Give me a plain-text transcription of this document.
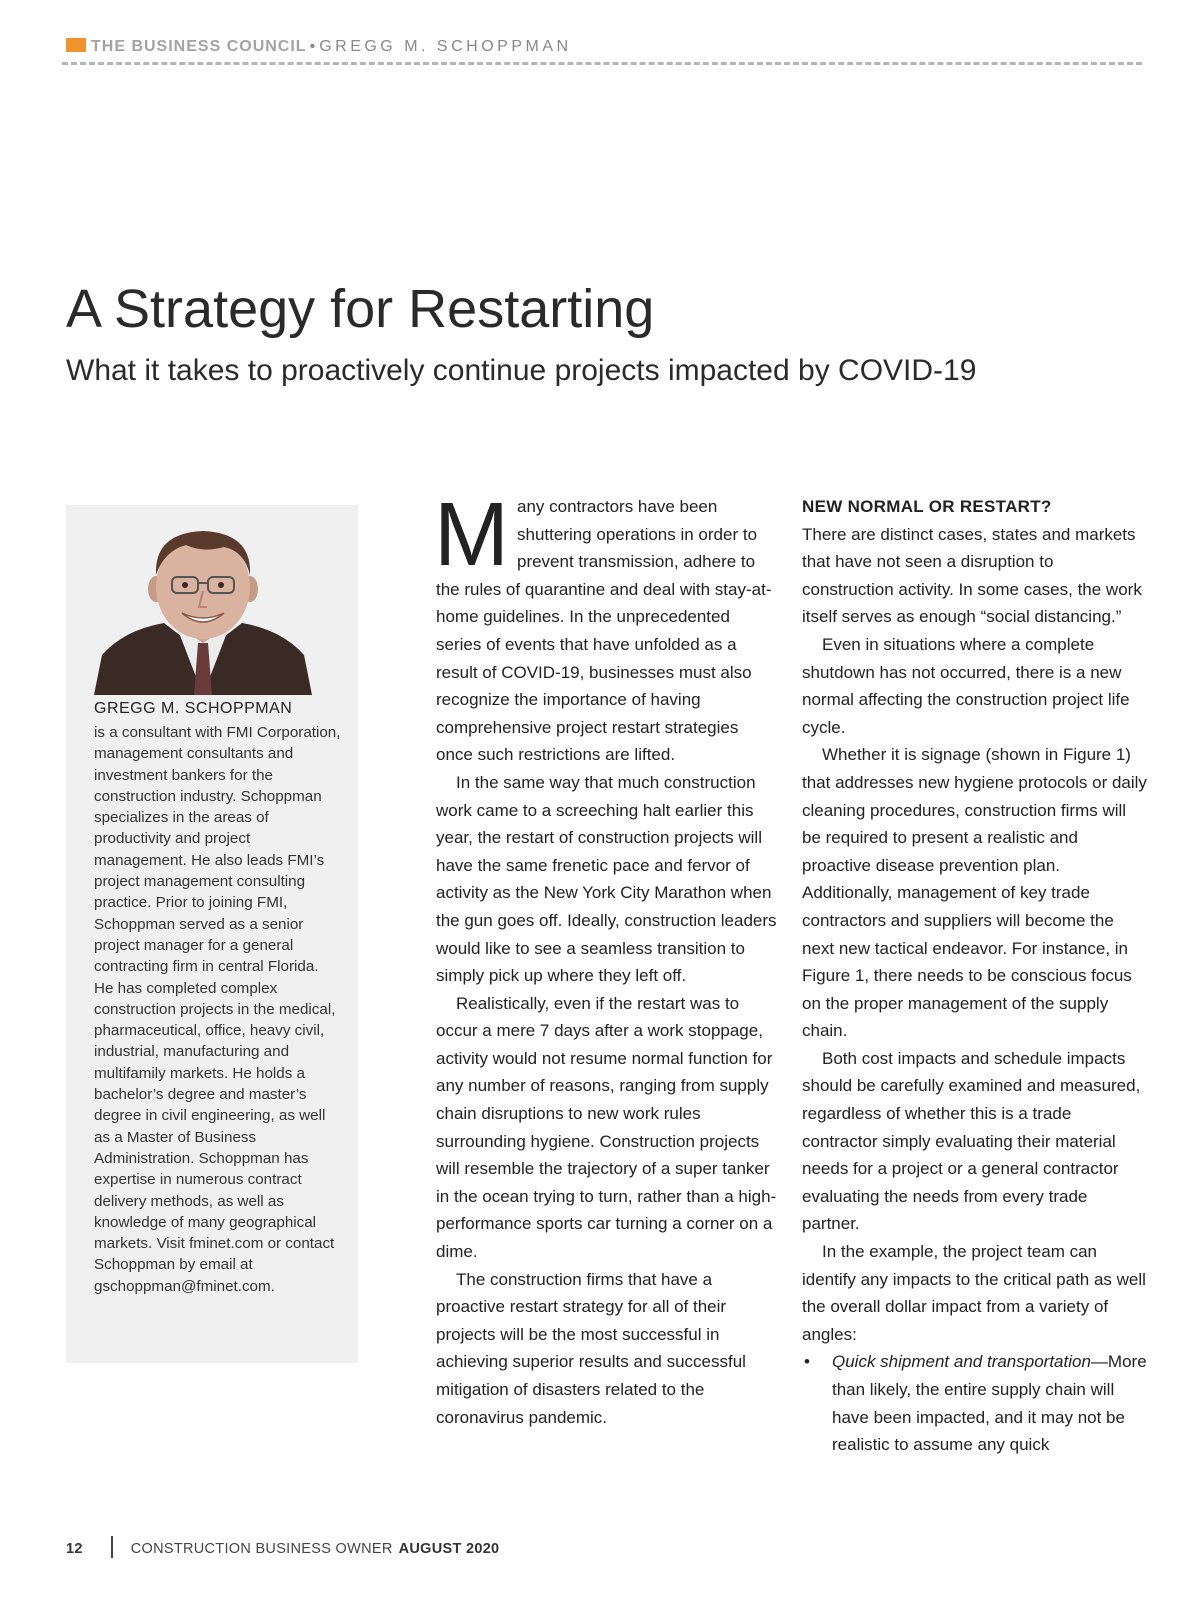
THE BUSINESS COUNCIL • GREGG M. SCHOPPMAN
A Strategy for Restarting
What it takes to proactively continue projects impacted by COVID-19
GREGG M. SCHOPPMAN
is a consultant with FMI Corporation, management consultants and investment bankers for the construction industry. Schoppman specializes in the areas of productivity and project management. He also leads FMI’s project management consulting practice. Prior to joining FMI, Schoppman served as a senior project manager for a general contracting firm in central Florida. He has completed complex construction projects in the medical, pharmaceutical, office, heavy civil, industrial, manufacturing and multifamily markets. He holds a bachelor’s degree and master’s degree in civil engineering, as well as a Master of Business Administration. Schoppman has expertise in numerous contract delivery methods, as well as knowledge of many geographical markets. Visit fminet.com or contact Schoppman by email at gschoppman@fminet.com.

Many contractors have been shuttering operations in order to prevent transmission, adhere to the rules of quarantine and deal with stay-at-home guidelines. In the unprecedented series of events that have unfolded as a result of COVID-19, businesses must also recognize the importance of having comprehensive project restart strategies once such restrictions are lifted.

In the same way that much construction work came to a screeching halt earlier this year, the restart of construction projects will have the same frenetic pace and fervor of activity as the New York City Marathon when the gun goes off. Ideally, construction leaders would like to see a seamless transition to simply pick up where they left off.

Realistically, even if the restart was to occur a mere 7 days after a work stoppage, activity would not resume normal function for any number of reasons, ranging from supply chain disruptions to new work rules surrounding hygiene. Construction projects will resemble the trajectory of a super tanker in the ocean trying to turn, rather than a high-performance sports car turning a corner on a dime.

The construction firms that have a proactive restart strategy for all of their projects will be the most successful in achieving superior results and successful mitigation of disasters related to the coronavirus pandemic.

NEW NORMAL OR RESTART?

There are distinct cases, states and markets that have not seen a disruption to construction activity. In some cases, the work itself serves as enough “social distancing.”

Even in situations where a complete shutdown has not occurred, there is a new normal affecting the construction project life cycle.

Whether it is signage (shown in Figure 1) that addresses new hygiene protocols or daily cleaning procedures, construction firms will be required to present a realistic and proactive disease prevention plan. Additionally, management of key trade contractors and suppliers will become the next new tactical endeavor. For instance, in Figure 1, there needs to be conscious focus on the proper management of the supply chain.

Both cost impacts and schedule impacts should be carefully examined and measured, regardless of whether this is a trade contractor simply evaluating their material needs for a project or a general contractor evaluating the needs from every trade partner.

In the example, the project team can identify any impacts to the critical path as well the overall dollar impact from a variety of angles:

• Quick shipment and transportation—More than likely, the entire supply chain will have been impacted, and it may not be realistic to assume any quick

12	CONSTRUCTION BUSINESS OWNER AUGUST 2020
